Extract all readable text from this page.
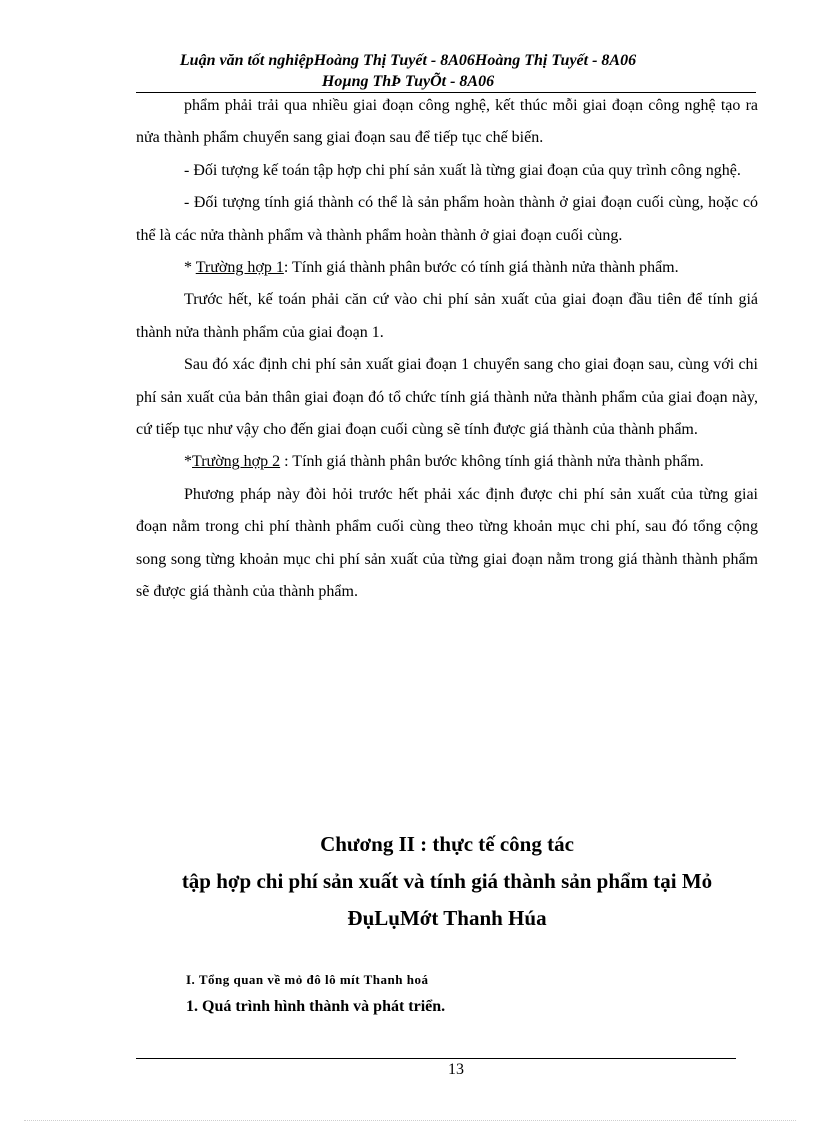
Luận văn tốt nghiệpHoàng Thị Tuyết - 8A06Hoàng Thị Tuyết - 8A06
Hoµng ThÞ TuyÕt - 8A06

phẩm phải trải qua nhiều giai đoạn công nghệ, kết thúc mỗi giai đoạn công nghệ tạo ra nửa thành phẩm chuyển sang giai đoạn sau để tiếp tục chế biến.

- Đối tượng kế toán tập hợp chi phí sản xuất là từng giai đoạn của quy trình công nghệ.

- Đối tượng tính giá thành có thể là sản phẩm hoàn thành ở giai đoạn cuối cùng, hoặc có thể là các nửa thành phẩm và thành phẩm hoàn thành ở giai đoạn cuối cùng.

* Trường hợp 1: Tính giá thành phân bước có tính giá thành nửa thành phẩm.

Trước hết, kế toán phải căn cứ vào chi phí sản xuất của giai đoạn đầu tiên để tính giá thành nửa thành phẩm của giai đoạn 1.

Sau đó xác định chi phí sản xuất giai đoạn 1 chuyển sang cho giai đoạn sau, cùng với chi phí sản xuất của bản thân giai đoạn đó tổ chức tính giá thành nửa thành phẩm của giai đoạn này, cứ tiếp tục như vậy cho đến giai đoạn cuối cùng sẽ tính được giá thành của thành phẩm.

*Trường hợp 2 : Tính giá thành phân bước không tính giá thành nửa thành phẩm.

Phương pháp này đòi hỏi trước hết phải xác định được chi phí sản xuất của từng giai đoạn nằm trong chi phí thành phẩm cuối cùng theo từng khoản mục chi phí, sau đó tổng cộng song song từng khoản mục chi phí sản xuất của từng giai đoạn nằm trong giá thành thành phẩm sẽ được giá thành của thành phẩm.

Chương II : thực tế công tác
tập hợp chi phí sản xuất và tính giá thành sản phẩm tại Mỏ
ĐụLụMớt Thanh Húa
I. Tổng quan về mỏ đô lô mít Thanh hoá
1. Quá trình hình thành và phát triển.
13
